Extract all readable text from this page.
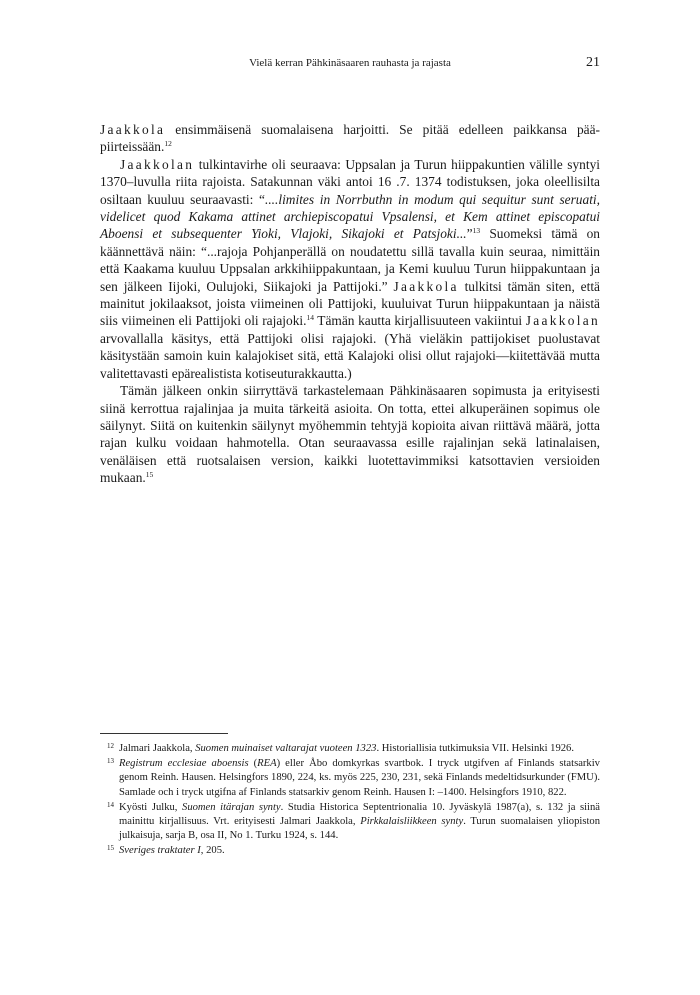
Vielä kerran Pähkinäsaaren rauhasta ja rajasta	21

Jaakkola ensimmäisenä suomalaisena harjoitti. Se pitää edelleen paikkansa pääpiirteissään.$^{12}$

Jaakkolan tulkintavirhe oli seuraava: Uppsalan ja Turun hiippakuntien välille syntyi 1370–luvulla riita rajoista. Satakunnan väki antoi 16 .7. 1374 todistuksen, joka oleellisilta osiltaan kuuluu seuraavasti: “....limites in Norrbuthn in modum qui sequitur sunt seruati, videlicet quod Kakama attinet archiepiscopatui Vpsalensi, et Kem attinet episcopatui Aboensi et subsequenter Yioki, Vlajoki, Sikajoki et Patsjoki...”$^{13}$ Suomeksi tämä on käännettävä näin: “...rajoja Pohjanperällä on noudatettu sillä tavalla kuin seuraa, nimittäin että Kaakama kuuluu Uppsalan arkkihiippakuntaan, ja Kemi kuuluu Turun hiippakuntaan ja sen jälkeen Iijoki, Oulujoki, Siikajoki ja Pattijoki.” Jaakkola tulkitsi tämän siten, että mainitut jokilaaksot, joista viimeinen oli Pattijoki, kuuluivat Turun hiippakuntaan ja näistä siis viimeinen eli Pattijoki oli rajajoki.$^{14}$ Tämän kautta kirjallisuuteen vakiintui Jaakkolan arvovallalla käsitys, että Pattijoki olisi rajajoki. (Yhä vieläkin pattijokiset puolustavat käsitystään samoin kuin kalajokiset sitä, että Kalajoki olisi ollut rajajoki—kiitettävää mutta valitettavasti epärealistista kotiseuturakkautta.)

Tämän jälkeen onkin siirryttävä tarkastelemaan Pähkinäsaaren sopimusta ja erityisesti siinä kerrottua rajalinjaa ja muita tärkeitä asioita. On totta, ettei alkuperäinen sopimus ole säilynyt. Siitä on kuitenkin säilynyt myöhemmin tehtyjä kopioita aivan riittävä määrä, jotta rajan kulku voidaan hahmotella. Otan seuraavassa esille rajalinjan sekä latinalaisen, venäläisen että ruotsalaisen version, kaikki luotettavimmiksi katsottavien versioiden mukaan.$^{15}$

12 Jalmari Jaakkola, Suomen muinaiset valtarajat vuoteen 1323. Historiallisia tutkimuksia VII. Helsinki 1926.

13 Registrum ecclesiae aboensis (REA) eller Åbo domkyrkas svartbok. I tryck utgifven af Finlands statsarkiv genom Reinh. Hausen. Helsingfors 1890, 224, ks. myös 225, 230, 231, sekä Finlands medeltidsurkunder (FMU). Samlade och i tryck utgifna af Finlands statsarkiv genom Reinh. Hausen I: –1400. Helsingfors 1910, 822.

14 Kyösti Julku, Suomen itärajan synty. Studia Historica Septentrionalia 10. Jyväskylä 1987(a), s. 132 ja siinä mainittu kirjallisuus. Vrt. erityisesti Jalmari Jaakkola, Pirkkalaisliikkeen synty. Turun suomalaisen yliopiston julkaisuja, sarja B, osa II, No 1. Turku 1924, s. 144.

15 Sveriges traktater I, 205.
